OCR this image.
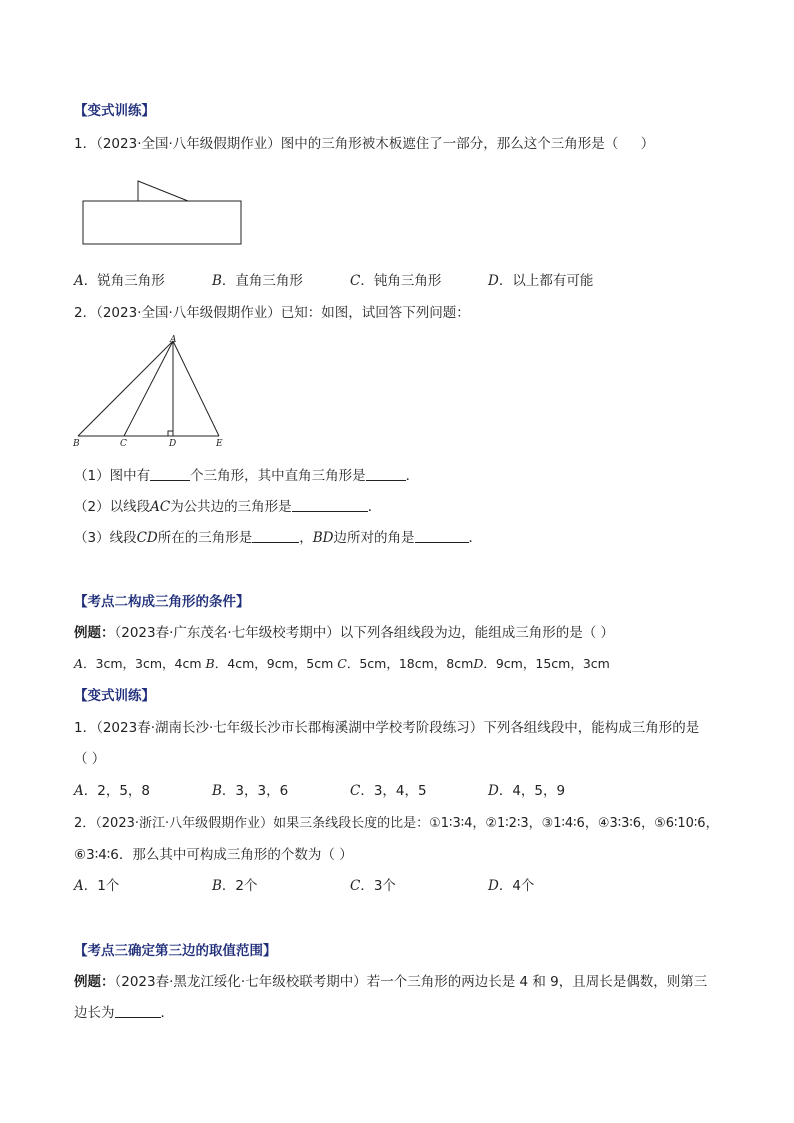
【变式训练】
1．（2023·全国·八年级假期作业）图中的三角形被木板遮住了一部分，那么这个三角形是（ ）
A．锐角三角形	B．直角三角形	C．钝角三角形	D．以上都有可能
2．（2023·全国·八年级假期作业）已知：如图，试回答下列问题：
A
B	C	D	E
（1）图中有	个三角形，其中直角三角形是	．
（2）以线段AC为公共边的三角形是	．
（3）线段CD所在的三角形是	，BD边所对的角是	．
【考点二构成三角形的条件】
例题：（2023春·广东茂名·七年级校考期中）以下列各组线段为边，能组成三角形的是（ ）
A．3cm，3cm，4cm B．4cm，9cm，5cm C．5cm，18cm，8cmD．9cm，15cm，3cm
【变式训练】
1．（2023春·湖南长沙·七年级长沙市长郡梅溪湖中学校考阶段练习）下列各组线段中，能构成三角形的是
（ ）
A．2，5，8	B．3，3，6	C．3，4，5	D．4，5，9
2．（2023·浙江·八年级假期作业）如果三条线段长度的比是：①1∶3∶4，②1∶2∶3，③1∶4∶6，④3∶3∶6，⑤6∶10∶6，
⑥3∶4∶6．那么其中可构成三角形的个数为（ ）
A．1个	B．2个	C．3个	D．4个
【考点三确定第三边的取值范围】
例题：（2023春·黑龙江绥化·七年级校联考期中）若一个三角形的两边长是 4 和 9，且周长是偶数，则第三
边长为	．
